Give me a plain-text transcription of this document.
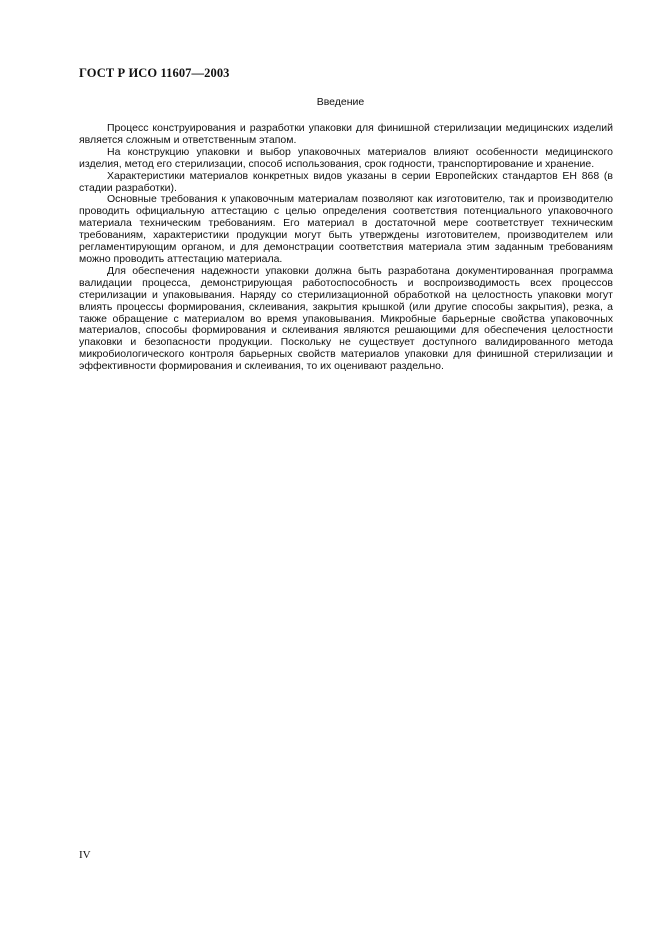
ГОСТ Р ИСО 11607—2003
Введение

Процесс конструирования и разработки упаковки для финишной стерилизации медицинских изделий является сложным и ответственным этапом.

На конструкцию упаковки и выбор упаковочных материалов влияют особенности медицинского изделия, метод его стерилизации, способ использования, срок годности, транспортирование и хранение.

Характеристики материалов конкретных видов указаны в серии Европейских стандартов ЕН 868 (в стадии разработки).

Основные требования к упаковочным материалам позволяют как изготовителю, так и производителю проводить официальную аттестацию с целью определения соответствия потенциального упаковочного материала техническим требованиям. Его материал в достаточной мере соответствует техническим требованиям, характеристики продукции могут быть утверждены изготовителем, производителем или регламентирующим органом, и для демонстрации соответствия материала этим заданным требованиям можно проводить аттестацию материала.

Для обеспечения надежности упаковки должна быть разработана документированная программа валидации процесса, демонстрирующая работоспособность и воспроизводимость всех процессов стерилизации и упаковывания. Наряду со стерилизационной обработкой на целостность упаковки могут влиять процессы формирования, склеивания, закрытия крышкой (или другие способы закрытия), резка, а также обращение с материалом во время упаковывания. Микробные барьерные свойства упаковочных материалов, способы формирования и склеивания являются решающими для обеспечения целостности упаковки и безопасности продукции. Поскольку не существует доступного валидированного метода микробиологического контроля барьерных свойств материалов упаковки для финишной стерилизации и эффективности формирования и склеивания, то их оценивают раздельно.

IV
